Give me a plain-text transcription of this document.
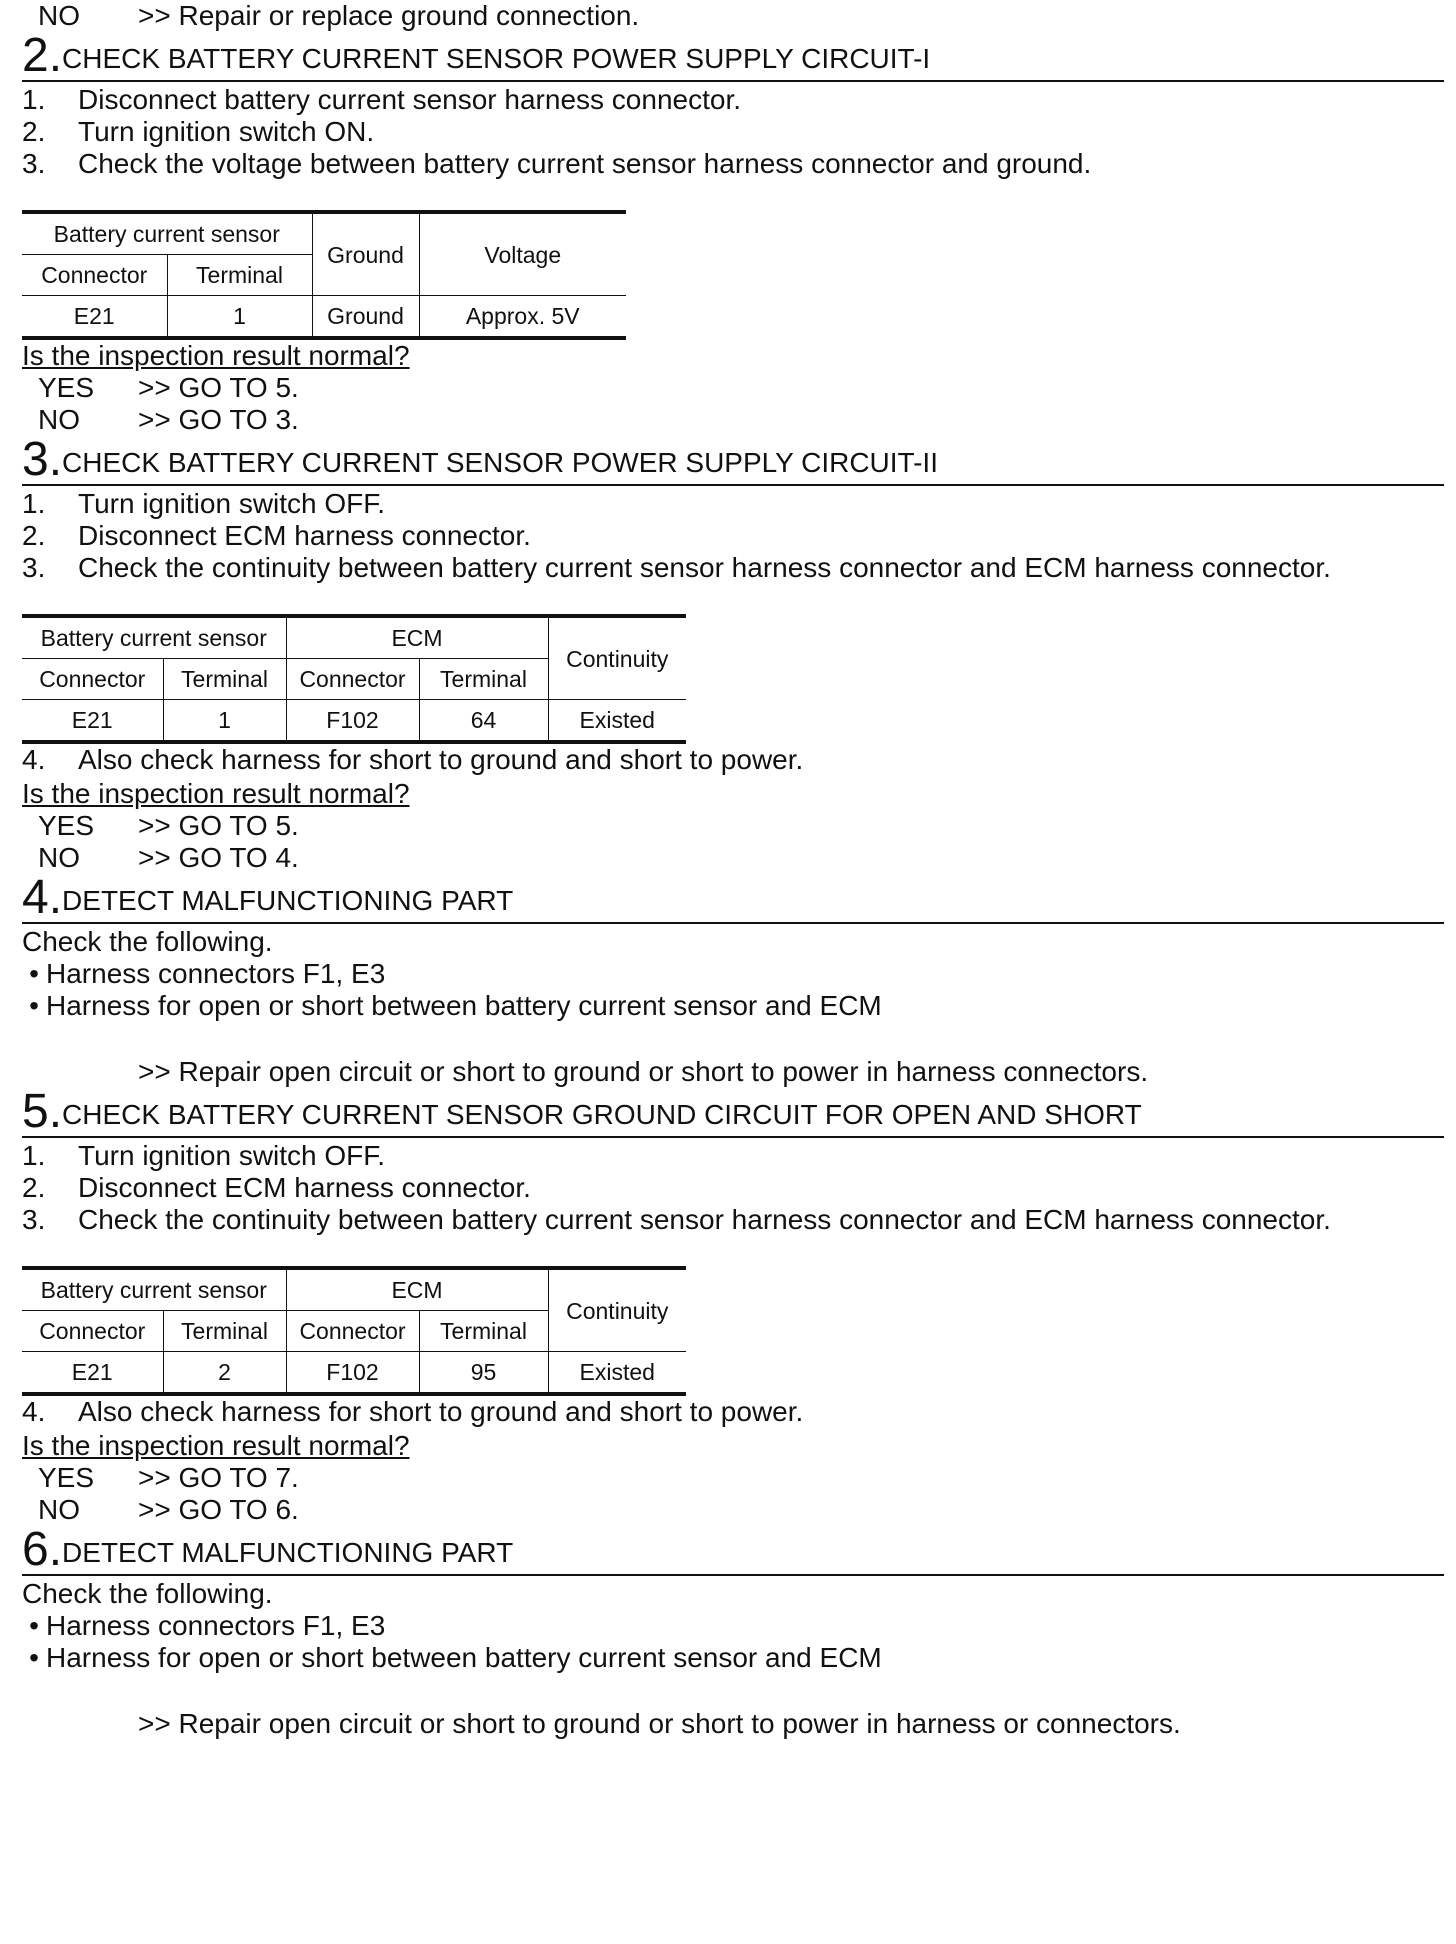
NO	>> Repair or replace ground connection.
2 . CHECK BATTERY CURRENT SENSOR POWER SUPPLY CIRCUIT-I
1.	Disconnect battery current sensor harness connector.
2.	Turn ignition switch ON.
3.	Check the voltage between battery current sensor harness connector and ground.
Battery current sensor		Ground	Voltage
Connector	Terminal		
E21	1	Ground	Approx. 5V
Is the inspection result normal?
YES	>> GO TO 5.
NO	>> GO TO 3.
3 . CHECK BATTERY CURRENT SENSOR POWER SUPPLY CIRCUIT-II
1.	Turn ignition switch OFF.
2.	Disconnect ECM harness connector.
3.	Check the continuity between battery current sensor harness connector and ECM harness connector.
Battery current sensor		ECM		Continuity
Connector	Terminal	Connector	Terminal	
E21	1	F102	64	Existed
4.	Also check harness for short to ground and short to power.
Is the inspection result normal?
YES	>> GO TO 5.
NO	>> GO TO 4.
4 . DETECT MALFUNCTIONING PART
Check the following.
• Harness connectors F1, E3
• Harness for open or short between battery current sensor and ECM
>> Repair open circuit or short to ground or short to power in harness connectors.
5 . CHECK BATTERY CURRENT SENSOR GROUND CIRCUIT FOR OPEN AND SHORT
1.	Turn ignition switch OFF.
2.	Disconnect ECM harness connector.
3.	Check the continuity between battery current sensor harness connector and ECM harness connector.
Battery current sensor		ECM		Continuity
Connector	Terminal	Connector	Terminal	
E21	2	F102	95	Existed
4.	Also check harness for short to ground and short to power.
Is the inspection result normal?
YES	>> GO TO 7.
NO	>> GO TO 6.
6 . DETECT MALFUNCTIONING PART
Check the following.
• Harness connectors F1, E3
• Harness for open or short between battery current sensor and ECM
>> Repair open circuit or short to ground or short to power in harness or connectors.
